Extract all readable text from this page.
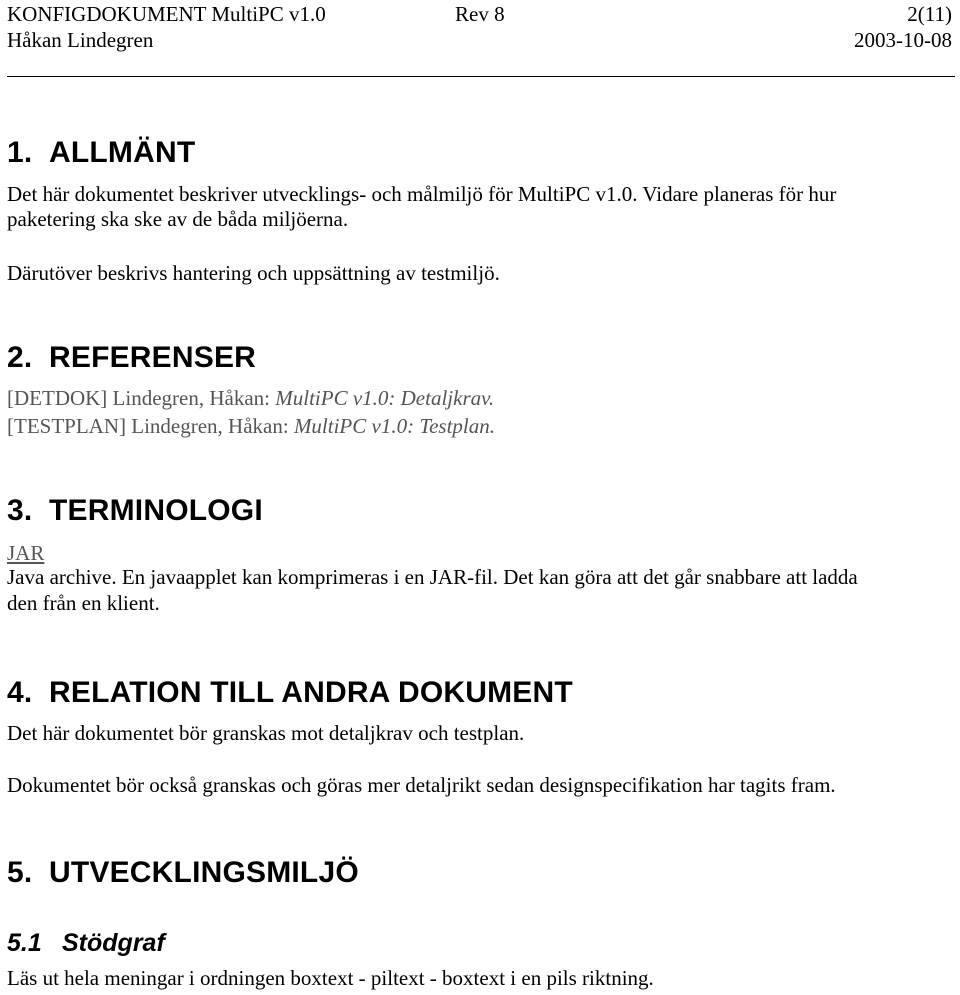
KONFIGDOKUMENT MultiPC v1.0	Rev 8	2(11)
Håkan Lindegren	2003-10-08
1. ALLMÄNT
Det här dokumentet beskriver utvecklings- och målmiljö för MultiPC v1.0. Vidare planeras för hur
paketering ska ske av de båda miljöerna.
Därutöver beskrivs hantering och uppsättning av testmiljö.
2. REFERENSER
[DETDOK] Lindegren, Håkan: MultiPC v1.0: Detaljkrav.
[TESTPLAN] Lindegren, Håkan: MultiPC v1.0: Testplan.
3. TERMINOLOGI
JAR
Java archive. En javaapplet kan komprimeras i en JAR-fil. Det kan göra att det går snabbare att ladda
den från en klient.
4. RELATION TILL ANDRA DOKUMENT
Det här dokumentet bör granskas mot detaljkrav och testplan.
Dokumentet bör också granskas och göras mer detaljrikt sedan designspecifikation har tagits fram.
5. UTVECKLINGSMILJÖ
5.1 Stödgraf
Läs ut hela meningar i ordningen boxtext - piltext - boxtext i en pils riktning.
